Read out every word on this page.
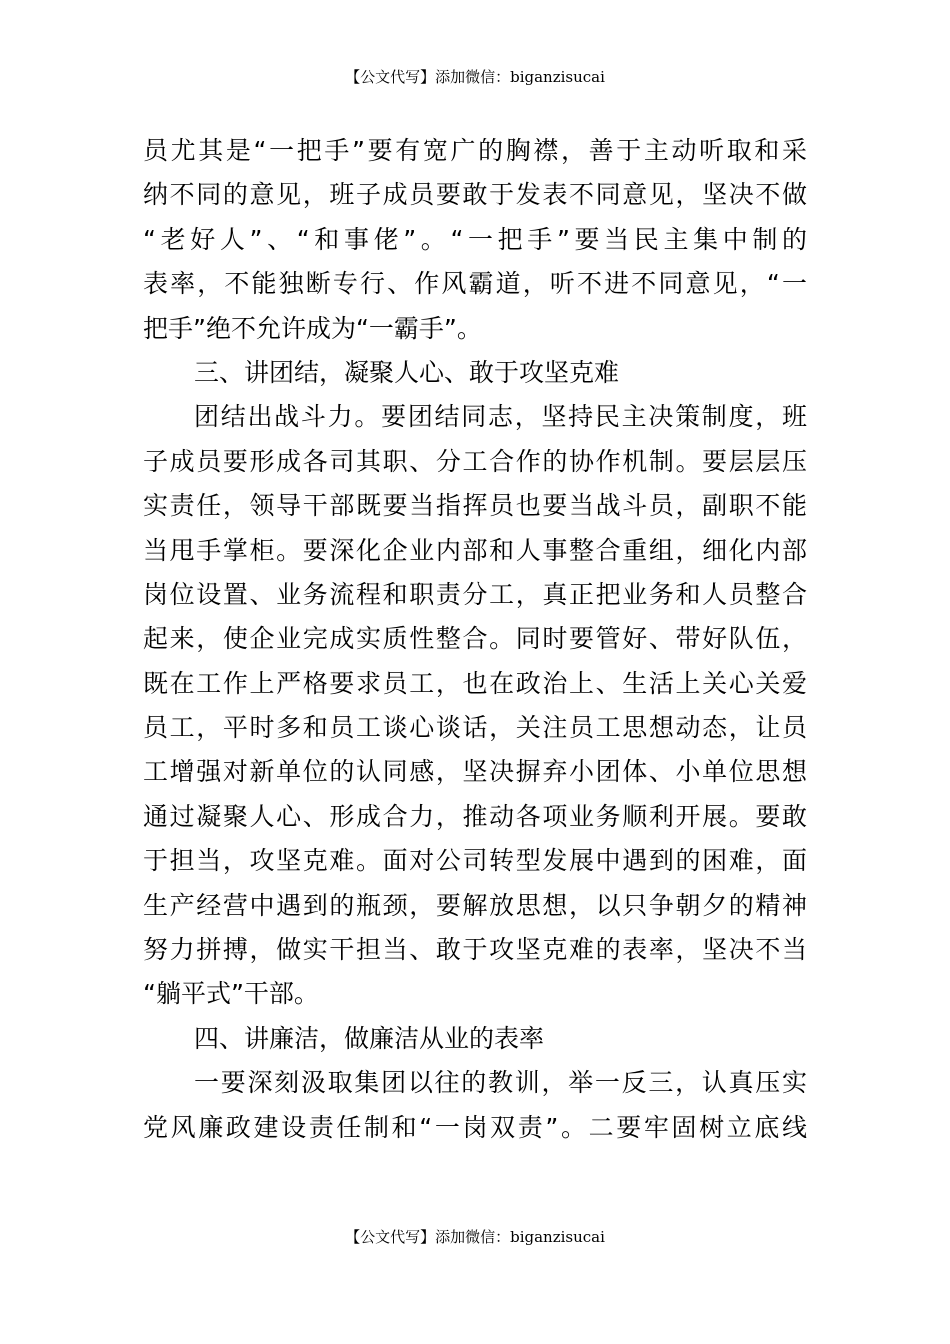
【公文代写】添加微信：biganzisucai
员尤其是“一把手”要有宽广的胸襟，善于主动听取和采
纳不同的意见，班子成员要敢于发表不同意见，坚决不做
“老好人”、“和事佬”。“一把手”要当民主集中制的
表率，不能独断专行、作风霸道，听不进不同意见，“一
把手”绝不允许成为“一霸手”。
三、讲团结，凝聚人心、敢于攻坚克难
团结出战斗力。要团结同志，坚持民主决策制度，班
子成员要形成各司其职、分工合作的协作机制。要层层压
实责任，领导干部既要当指挥员也要当战斗员，副职不能
当甩手掌柜。要深化企业内部和人事整合重组，细化内部
岗位设置、业务流程和职责分工，真正把业务和人员整合
起来，使企业完成实质性整合。同时要管好、带好队伍，
既在工作上严格要求员工，也在政治上、生活上关心关爱
员工，平时多和员工谈心谈话，关注员工思想动态，让员
工增强对新单位的认同感，坚决摒弃小团体、小单位思想
通过凝聚人心、形成合力，推动各项业务顺利开展。要敢
于担当，攻坚克难。面对公司转型发展中遇到的困难，面
生产经营中遇到的瓶颈，要解放思想，以只争朝夕的精神
努力拼搏，做实干担当、敢于攻坚克难的表率，坚决不当
“躺平式”干部。
四、讲廉洁，做廉洁从业的表率
一要深刻汲取集团以往的教训，举一反三，认真压实
党风廉政建设责任制和“一岗双责”。二要牢固树立底线
【公文代写】添加微信：biganzisucai
